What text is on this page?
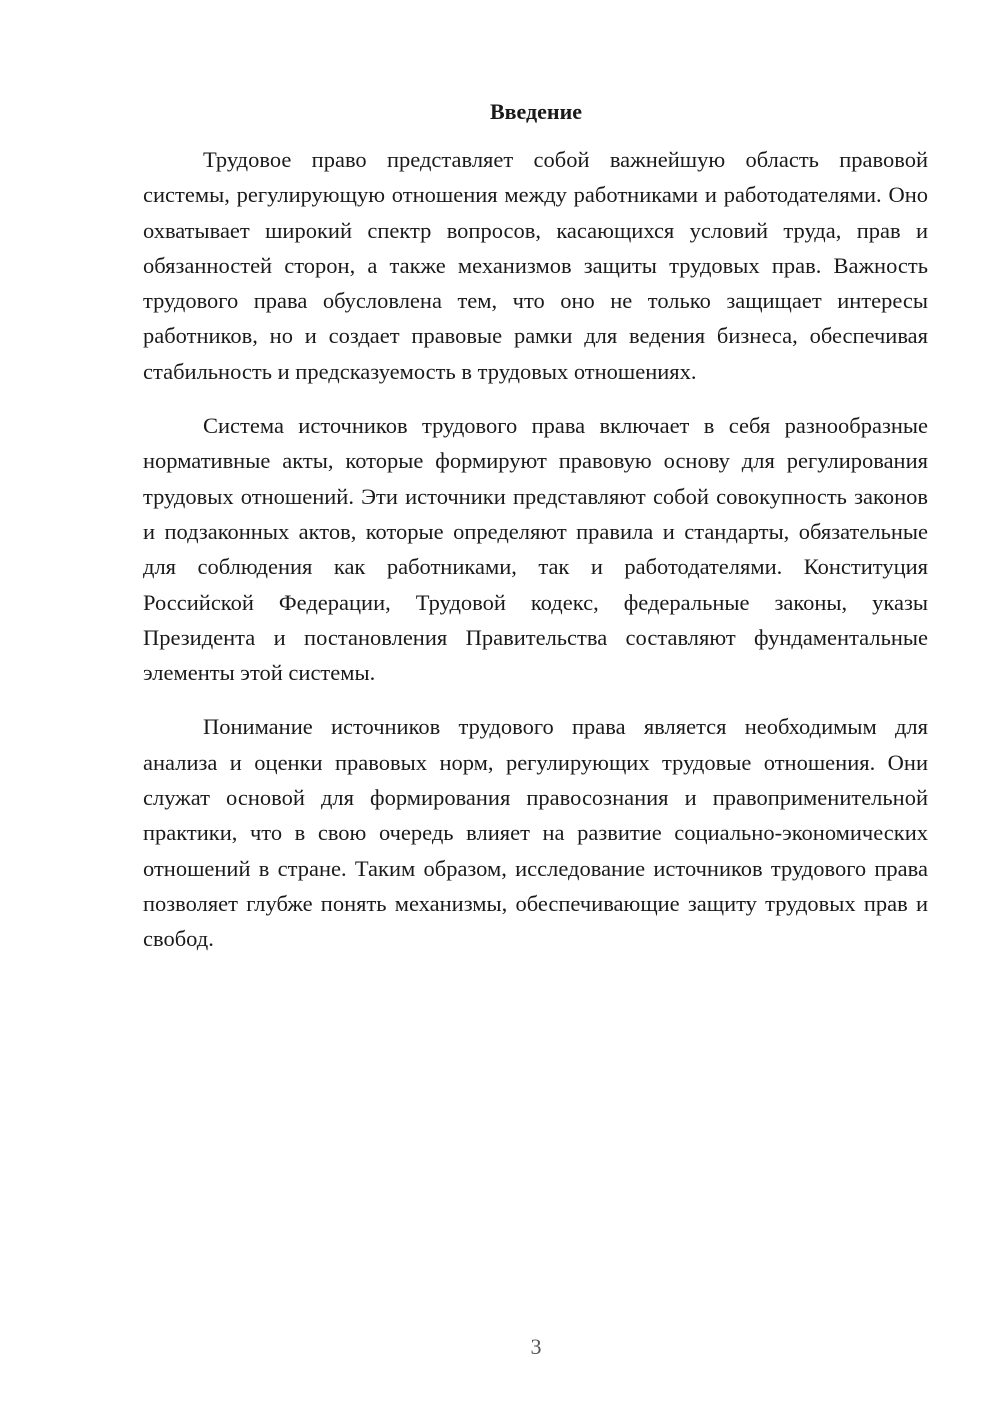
Введение

Трудовое право представляет собой важнейшую область правовой системы, регулирующую отношения между работниками и работодателями. Оно охватывает широкий спектр вопросов, касающихся условий труда, прав и обязанностей сторон, а также механизмов защиты трудовых прав. Важность трудового права обусловлена тем, что оно не только защищает интересы работников, но и создает правовые рамки для ведения бизнеса, обеспечивая стабильность и предсказуемость в трудовых отношениях.

Система источников трудового права включает в себя разнообразные нормативные акты, которые формируют правовую основу для регулирования трудовых отношений. Эти источники представляют собой совокупность законов и подзаконных актов, которые определяют правила и стандарты, обязательные для соблюдения как работниками, так и работодателями. Конституция Российской Федерации, Трудовой кодекс, федеральные законы, указы Президента и постановления Правительства составляют фундаментальные элементы этой системы.

Понимание источников трудового права является необходимым для анализа и оценки правовых норм, регулирующих трудовые отношения. Они служат основой для формирования правосознания и правоприменительной практики, что в свою очередь влияет на развитие социально-экономических отношений в стране. Таким образом, исследование источников трудового права позволяет глубже понять механизмы, обеспечивающие защиту трудовых прав и свобод.

3
